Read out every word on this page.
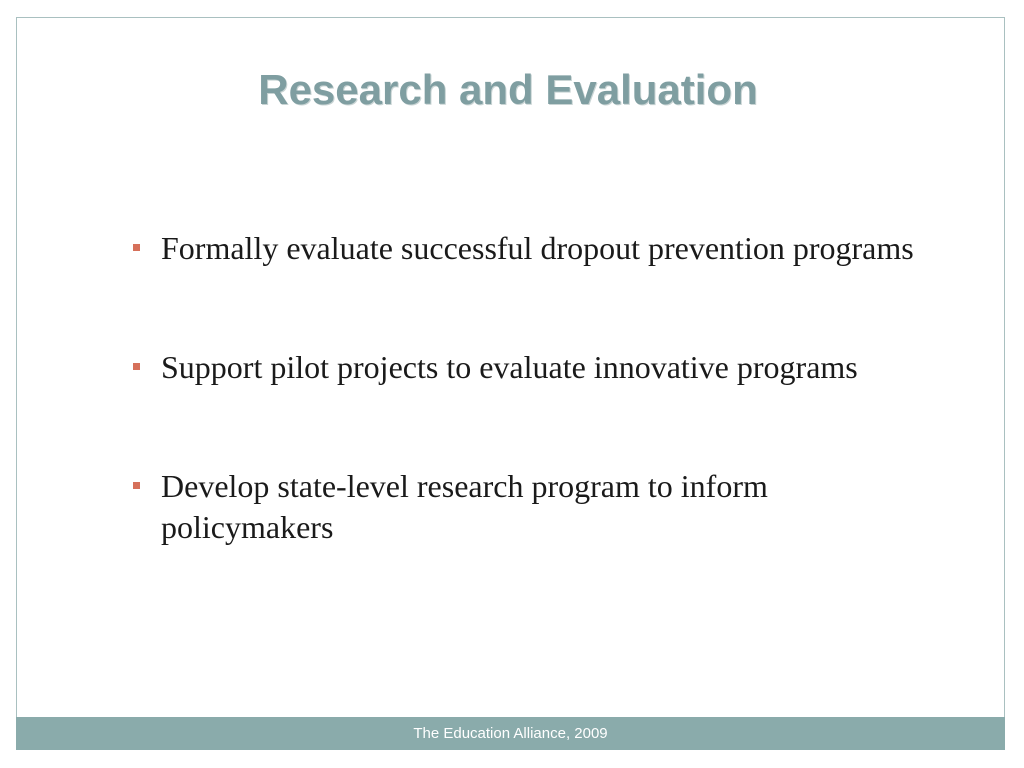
Research and Evaluation
Formally evaluate successful dropout prevention programs
Support pilot projects to evaluate innovative programs
Develop state-level research program to inform policymakers
The Education Alliance, 2009
